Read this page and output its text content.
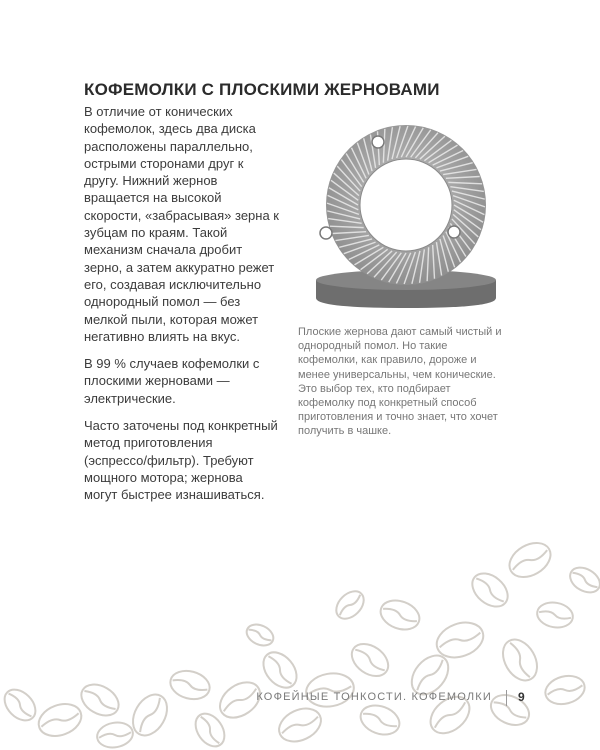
КОФЕМОЛКИ С ПЛОСКИМИ ЖЕРНОВАМИ

В отличие от конических кофемолок, здесь два диска расположены параллельно, острыми сторонами друг к другу. Нижний жернов вращается на высокой скорости, «забрасывая» зерна к зубцам по краям. Такой механизм сначала дробит зерно, а затем аккуратно режет его, создавая исключительно однородный помол — без мелкой пыли, которая может негативно влиять на вкус.

В 99 % случаев кофемолки с плоскими жерновами — электрические.

Часто заточены под конкретный метод приготовления (эспрессо/фильтр). Требуют мощного мотора; жернова могут быстрее изнашиваться.

Плоские жернова дают самый чистый и однородный помол. Но такие кофемолки, как правило, дороже и менее универсальны, чем конические. Это выбор тех, кто подбирает кофемолку под конкретный способ приготовления и точно знает, что хочет получить в чашке.

КОФЕЙНЫЕ ТОНКОСТИ. КОФЕМОЛКИ 9
